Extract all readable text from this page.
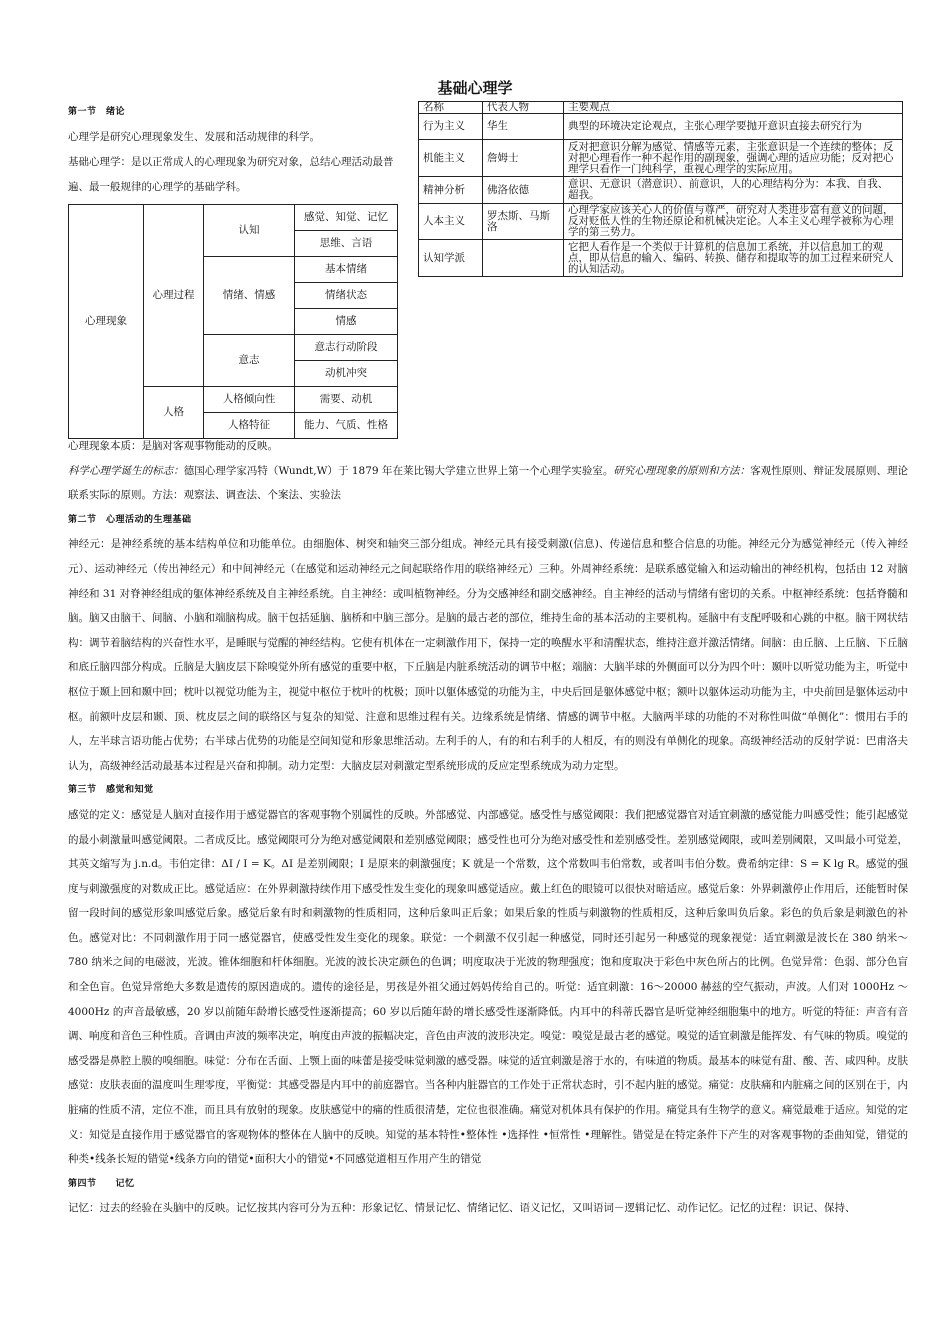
基础心理学
第一节　绪论
心理学是研究心理现象发生、发展和活动规律的科学。
基础心理学：是以正常成人的心理现象为研究对象，总结心理活动最普遍、最一般规律的心理学的基础学科。
心理现象	心理过程	认知	感觉、知觉、记忆
			思维、言语
		情绪、情感	基本情绪
			情绪状态
			情感
		意志	意志行动阶段
			动机冲突
	人格	人格倾向性	需要、动机
		人格特征	能力、气质、性格
名称	代表人物	主要观点
行为主义	华生	典型的环境决定论观点，主张心理学要抛开意识直接去研究行为
机能主义	詹姆士	反对把意识分解为感觉、情感等元素，主张意识是一个连续的整体；反对把心理看作一种不起作用的副现象，强调心理的适应功能；反对把心理学只看作一门纯科学，重视心理学的实际应用。
精神分析	佛洛依德	意识、无意识（潜意识）、前意识，人的心理结构分为：本我、自我、超我。
人本主义	罗杰斯、马斯洛	心理学家应该关心人的价值与尊严，研究对人类进步富有意义的问题，反对贬低人性的生物还原论和机械决定论。人本主义心理学被称为心理学的第三势力。
认知学派		它把人看作是一个类似于计算机的信息加工系统，并以信息加工的观点，即从信息的输入、编码、转换、储存和提取等的加工过程来研究人的认知活动。
心理现象本质：是脑对客观事物能动的反映。
科学心理学诞生的标志：德国心理学家冯特（Wundt,W）于 1879 年在莱比锡大学建立世界上第一个心理学实验室。研究心理现象的原则和方法：客观性原则、辩证发展原则、理论联系实际的原则。方法：观察法、调查法、个案法、实验法
第二节　心理活动的生理基础
神经元：是神经系统的基本结构单位和功能单位。由细胞体、树突和轴突三部分组成。神经元具有接受刺激(信息)、传递信息和整合信息的功能。神经元分为感觉神经元（传入神经元）、运动神经元（传出神经元）和中间神经元（在感觉和运动神经元之间起联络作用的联络神经元）三种。外周神经系统：是联系感觉输入和运动输出的神经机构，包括由 12 对脑神经和 31 对脊神经组成的躯体神经系统及自主神经系统。自主神经：或叫植物神经。分为交感神经和副交感神经。自主神经的活动与情绪有密切的关系。中枢神经系统：包括脊髓和脑。脑又由脑干、间脑、小脑和端脑构成。脑干包括延脑、脑桥和中脑三部分。是脑的最古老的部位，维持生命的基本活动的主要机构。延脑中有支配呼吸和心跳的中枢。脑干网状结构：调节着脑结构的兴奋性水平，是睡眠与觉醒的神经结构。它使有机体在一定刺激作用下，保持一定的唤醒水平和清醒状态，维持注意并激活情绪。间脑：由丘脑、上丘脑、下丘脑和底丘脑四部分构成。丘脑是大脑皮层下除嗅觉外所有感觉的重要中枢，下丘脑是内脏系统活动的调节中枢；端脑：大脑半球的外侧面可以分为四个叶：颞叶以听觉功能为主，听觉中枢位于颞上回和颞中回；枕叶以视觉功能为主，视觉中枢位于枕叶的枕极；顶叶以躯体感觉的功能为主，中央后回是躯体感觉中枢；额叶以躯体运动功能为主，中央前回是躯体运动中枢。前额叶皮层和颞、顶、枕皮层之间的联络区与复杂的知觉、注意和思维过程有关。边缘系统是情绪、情感的调节中枢。大脑两半球的功能的不对称性叫做“单侧化”：惯用右手的人，左半球言语功能占优势；右半球占优势的功能是空间知觉和形象思维活动。左利手的人，有的和右利手的人相反，有的则没有单侧化的现象。高级神经活动的反射学说：巴甫洛夫认为，高级神经活动最基本过程是兴奋和抑制。动力定型：大脑皮层对刺激定型系统形成的反应定型系统成为动力定型。
第三节　感觉和知觉
感觉的定义：感觉是人脑对直接作用于感觉器官的客观事物个别属性的反映。外部感觉、内部感觉。感受性与感觉阈限：我们把感觉器官对适宜刺激的感觉能力叫感受性；能引起感觉的最小刺激量叫感觉阈限。二者成反比。感觉阈限可分为绝对感觉阈限和差别感觉阈限；感受性也可分为绝对感受性和差别感受性。差别感觉阈限，或叫差别阈限，又叫最小可觉差，其英文缩写为 j.n.d。韦伯定律：ΔI / I = K。ΔI 是差别阈限；I 是原来的刺激强度；K 就是一个常数，这个常数叫韦伯常数，或者叫韦伯分数。费希纳定律：S = K lg R。感觉的强度与刺激强度的对数成正比。感觉适应：在外界刺激持续作用下感受性发生变化的现象叫感觉适应。戴上红色的眼镜可以很快对暗适应。感觉后象：外界刺激停止作用后，还能暂时保留一段时间的感觉形象叫感觉后象。感觉后象有时和刺激物的性质相同，这种后象叫正后象；如果后象的性质与刺激物的性质相反，这种后象叫负后象。彩色的负后象是刺激色的补色。感觉对比：不同刺激作用于同一感觉器官，使感受性发生变化的现象。联觉：一个刺激不仅引起一种感觉，同时还引起另一种感觉的现象视觉：适宜刺激是波长在 380 纳米～780 纳米之间的电磁波，光波。锥体细胞和杆体细胞。光波的波长决定颜色的色调；明度取决于光波的物理强度；饱和度取决于彩色中灰色所占的比例。色觉异常：色弱、部分色盲和全色盲。色觉异常绝大多数是遗传的原因造成的。遗传的途径是，男孩是外祖父通过妈妈传给自己的。听觉：适宜刺激：16～20000 赫兹的空气振动，声波。人们对 1000Hz ～ 4000Hz 的声音最敏感，20 岁以前随年龄增长感受性逐渐提高；60 岁以后随年龄的增长感受性逐渐降低。内耳中的科蒂氏器官是听觉神经细胞集中的地方。听觉的特征：声音有音调、响度和音色三种性质。音调由声波的频率决定，响度由声波的振幅决定，音色由声波的波形决定。嗅觉：嗅觉是最古老的感觉。嗅觉的适宜刺激是能挥发、有气味的物质。嗅觉的感受器是鼻腔上膜的嗅细胞。味觉：分布在舌面、上颚上面的味蕾是接受味觉刺激的感受器。味觉的适宜刺激是溶于水的，有味道的物质。最基本的味觉有甜、酸、苦、咸四种。皮肤感觉：皮肤表面的温度叫生理零度，平衡觉：其感受器是内耳中的前庭器官。当各种内脏器官的工作处于正常状态时，引不起内脏的感觉。痛觉：皮肤痛和内脏痛之间的区别在于，内脏痛的性质不清，定位不准，而且具有放射的现象。皮肤感觉中的痛的性质很清楚，定位也很准确。痛觉对机体具有保护的作用。痛觉具有生物学的意义。痛觉最难于适应。知觉的定义：知觉是直接作用于感觉器官的客观物体的整体在人脑中的反映。知觉的基本特性•整体性 •选择性 •恒常性 •理解性。错觉是在特定条件下产生的对客观事物的歪曲知觉，错觉的种类•线条长短的错觉•线条方向的错觉•面积大小的错觉•不同感觉道相互作用产生的错觉
第四节　　记忆
记忆：过去的经验在头脑中的反映。记忆按其内容可分为五种：形象记忆、情景记忆、情绪记忆、语义记忆，又叫语词－逻辑记忆、动作记忆。记忆的过程：识记、保持、
